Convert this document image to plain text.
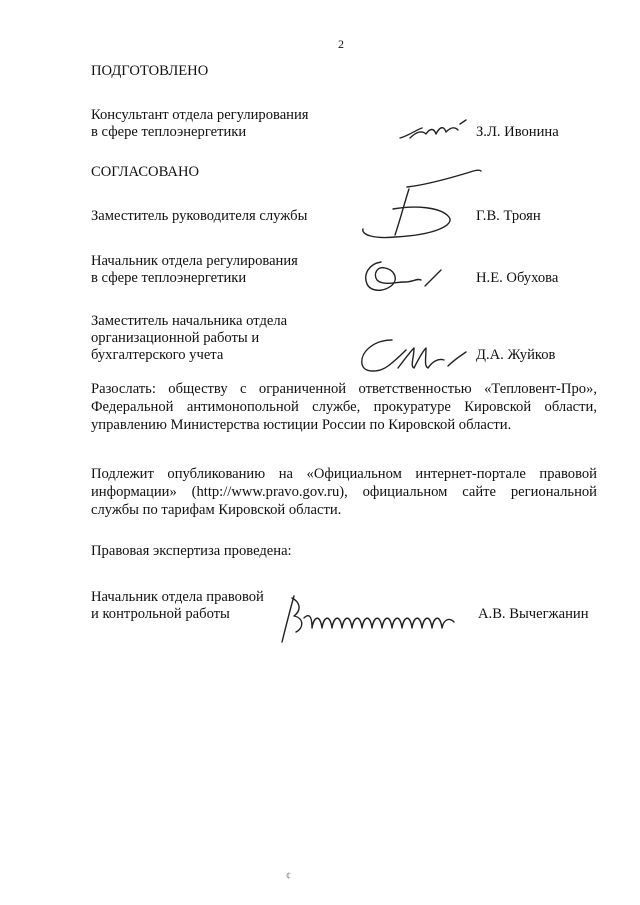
2
ПОДГОТОВЛЕНО
Консультант отдела регулирования
в сфере теплоэнергетики	З.Л. Ивонина
СОГЛАСОВАНО
Заместитель руководителя службы	Г.В. Троян
Начальник отдела регулирования
в сфере теплоэнергетики	Н.Е. Обухова
Заместитель начальника отдела
организационной работы и
бухгалтерского учета	Д.А. Жуйков
Разослать: обществу с ограниченной ответственностью «Тепловент-Про», Федеральной антимонопольной службе, прокуратуре Кировской области, управлению Министерства юстиции России по Кировской области.
Подлежит опубликованию на «Официальном интернет-портале правовой информации» (http://www.pravo.gov.ru), официальном сайте региональной службы по тарифам Кировской области.
Правовая экспертиза проведена:
Начальник отдела правовой
и контрольной работы	А.В. Вычегжанин
¢
